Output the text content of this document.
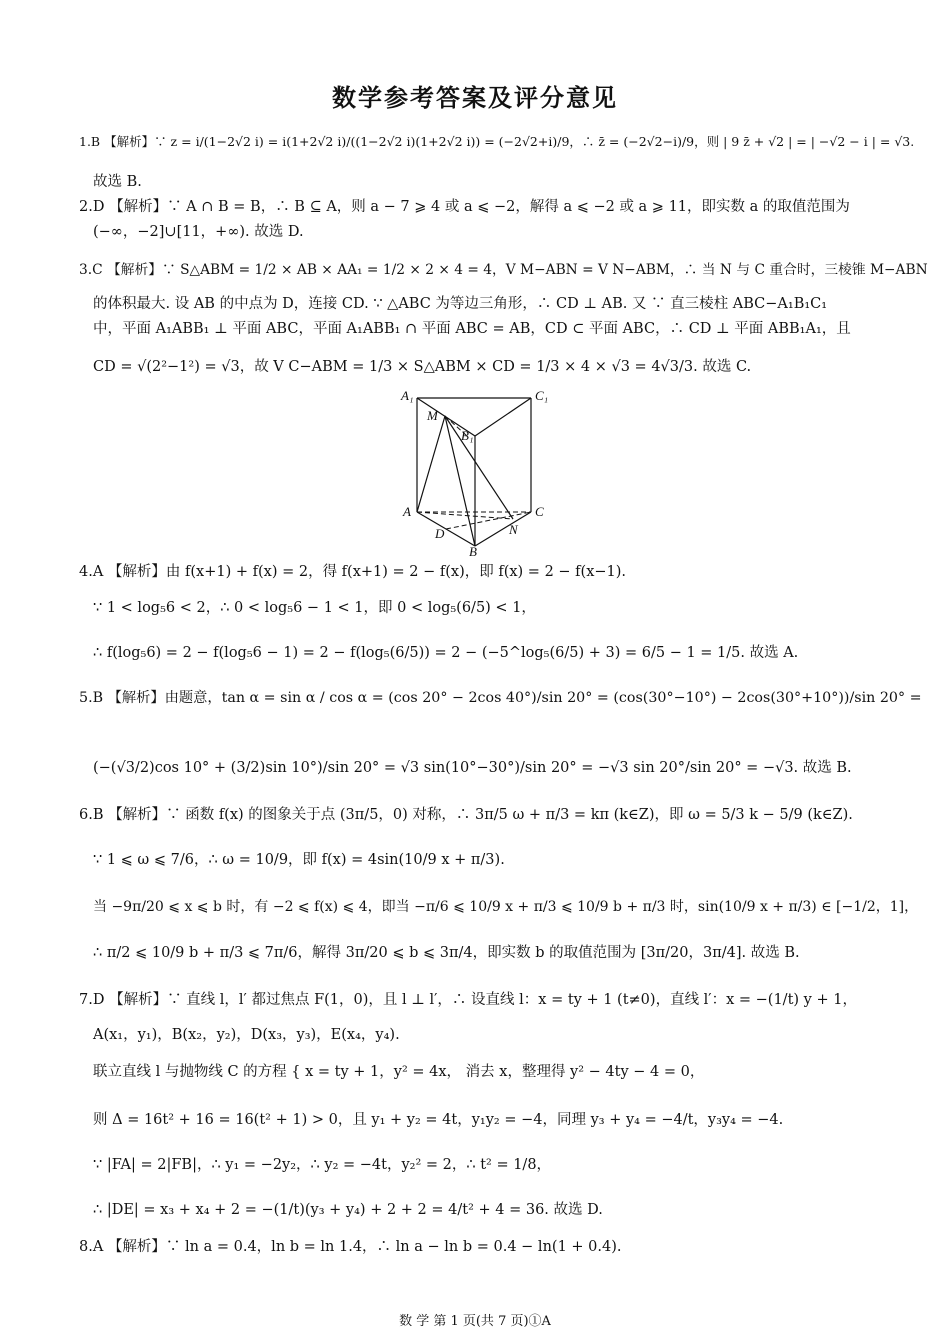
数学参考答案及评分意见
1.B 【解析】∵ z = i/(1−2√2 i) = i(1+2√2 i)/((1−2√2 i)(1+2√2 i)) = (−2√2+i)/9，∴ z̄ = (−2√2−i)/9，则 | 9 z̄ + √2 | = | −√2 − i | = √3.
故选 B.
2.D 【解析】∵ A ∩ B = B，∴ B ⊆ A，则 a − 7 ⩾ 4 或 a ⩽ −2，解得 a ⩽ −2 或 a ⩾ 11，即实数 a 的取值范围为
(−∞，−2]∪[11，+∞). 故选 D.
3.C 【解析】∵ S△ABM = 1/2 × AB × AA₁ = 1/2 × 2 × 4 = 4，V M−ABN = V N−ABM，∴ 当 N 与 C 重合时，三棱锥 M−ABN
的体积最大. 设 AB 的中点为 D，连接 CD. ∵ △ABC 为等边三角形，∴ CD ⊥ AB. 又 ∵ 直三棱柱 ABC−A₁B₁C₁
中，平面 A₁ABB₁ ⊥ 平面 ABC，平面 A₁ABB₁ ∩ 平面 ABC = AB，CD ⊂ 平面 ABC，∴ CD ⊥ 平面 ABB₁A₁，且
CD = √(2²−1²) = √3，故 V C−ABM = 1/3 × S△ABM × CD = 1/3 × 4 × √3 = 4√3/3. 故选 C.
A₁	C₁
M
B₁
A	C
D	N
B
4.A 【解析】由 f(x+1) + f(x) = 2，得 f(x+1) = 2 − f(x)，即 f(x) = 2 − f(x−1).
∵ 1 < log₅6 < 2，∴ 0 < log₅6 − 1 < 1，即 0 < log₅(6/5) < 1，
∴ f(log₅6) = 2 − f(log₅6 − 1) = 2 − f(log₅(6/5)) = 2 − (−5^log₅(6/5) + 3) = 6/5 − 1 = 1/5. 故选 A.
5.B 【解析】由题意，tan α = sin α / cos α = (cos 20° − 2cos 40°)/sin 20° = (cos(30°−10°) − 2cos(30°+10°))/sin 20° =
(−(√3/2)cos 10° + (3/2)sin 10°)/sin 20° = √3 sin(10°−30°)/sin 20° = −√3 sin 20°/sin 20° = −√3. 故选 B.
6.B 【解析】∵ 函数 f(x) 的图象关于点 (3π/5，0) 对称，∴ 3π/5 ω + π/3 = kπ (k∈Z)，即 ω = 5/3 k − 5/9 (k∈Z).
∵ 1 ⩽ ω ⩽ 7/6，∴ ω = 10/9，即 f(x) = 4sin(10/9 x + π/3).
当 −9π/20 ⩽ x ⩽ b 时，有 −2 ⩽ f(x) ⩽ 4，即当 −π/6 ⩽ 10/9 x + π/3 ⩽ 10/9 b + π/3 时，sin(10/9 x + π/3) ∈ [−1/2，1]，
∴ π/2 ⩽ 10/9 b + π/3 ⩽ 7π/6，解得 3π/20 ⩽ b ⩽ 3π/4，即实数 b 的取值范围为 [3π/20，3π/4]. 故选 B.
7.D 【解析】∵ 直线 l，l′ 都过焦点 F(1，0)，且 l ⊥ l′，∴ 设直线 l：x = ty + 1 (t≠0)，直线 l′：x = −(1/t) y + 1，
A(x₁，y₁)，B(x₂，y₂)，D(x₃，y₃)，E(x₄，y₄).
联立直线 l 与抛物线 C 的方程 { x = ty + 1，y² = 4x， 消去 x，整理得 y² − 4ty − 4 = 0，
则 Δ = 16t² + 16 = 16(t² + 1) > 0，且 y₁ + y₂ = 4t，y₁y₂ = −4，同理 y₃ + y₄ = −4/t，y₃y₄ = −4.
∵ |FA| = 2|FB|，∴ y₁ = −2y₂，∴ y₂ = −4t，y₂² = 2，∴ t² = 1/8，
∴ |DE| = x₃ + x₄ + 2 = −(1/t)(y₃ + y₄) + 2 + 2 = 4/t² + 4 = 36. 故选 D.
8.A 【解析】∵ ln a = 0.4，ln b = ln 1.4，∴ ln a − ln b = 0.4 − ln(1 + 0.4).
数 学 第 1 页(共 7 页)①A
